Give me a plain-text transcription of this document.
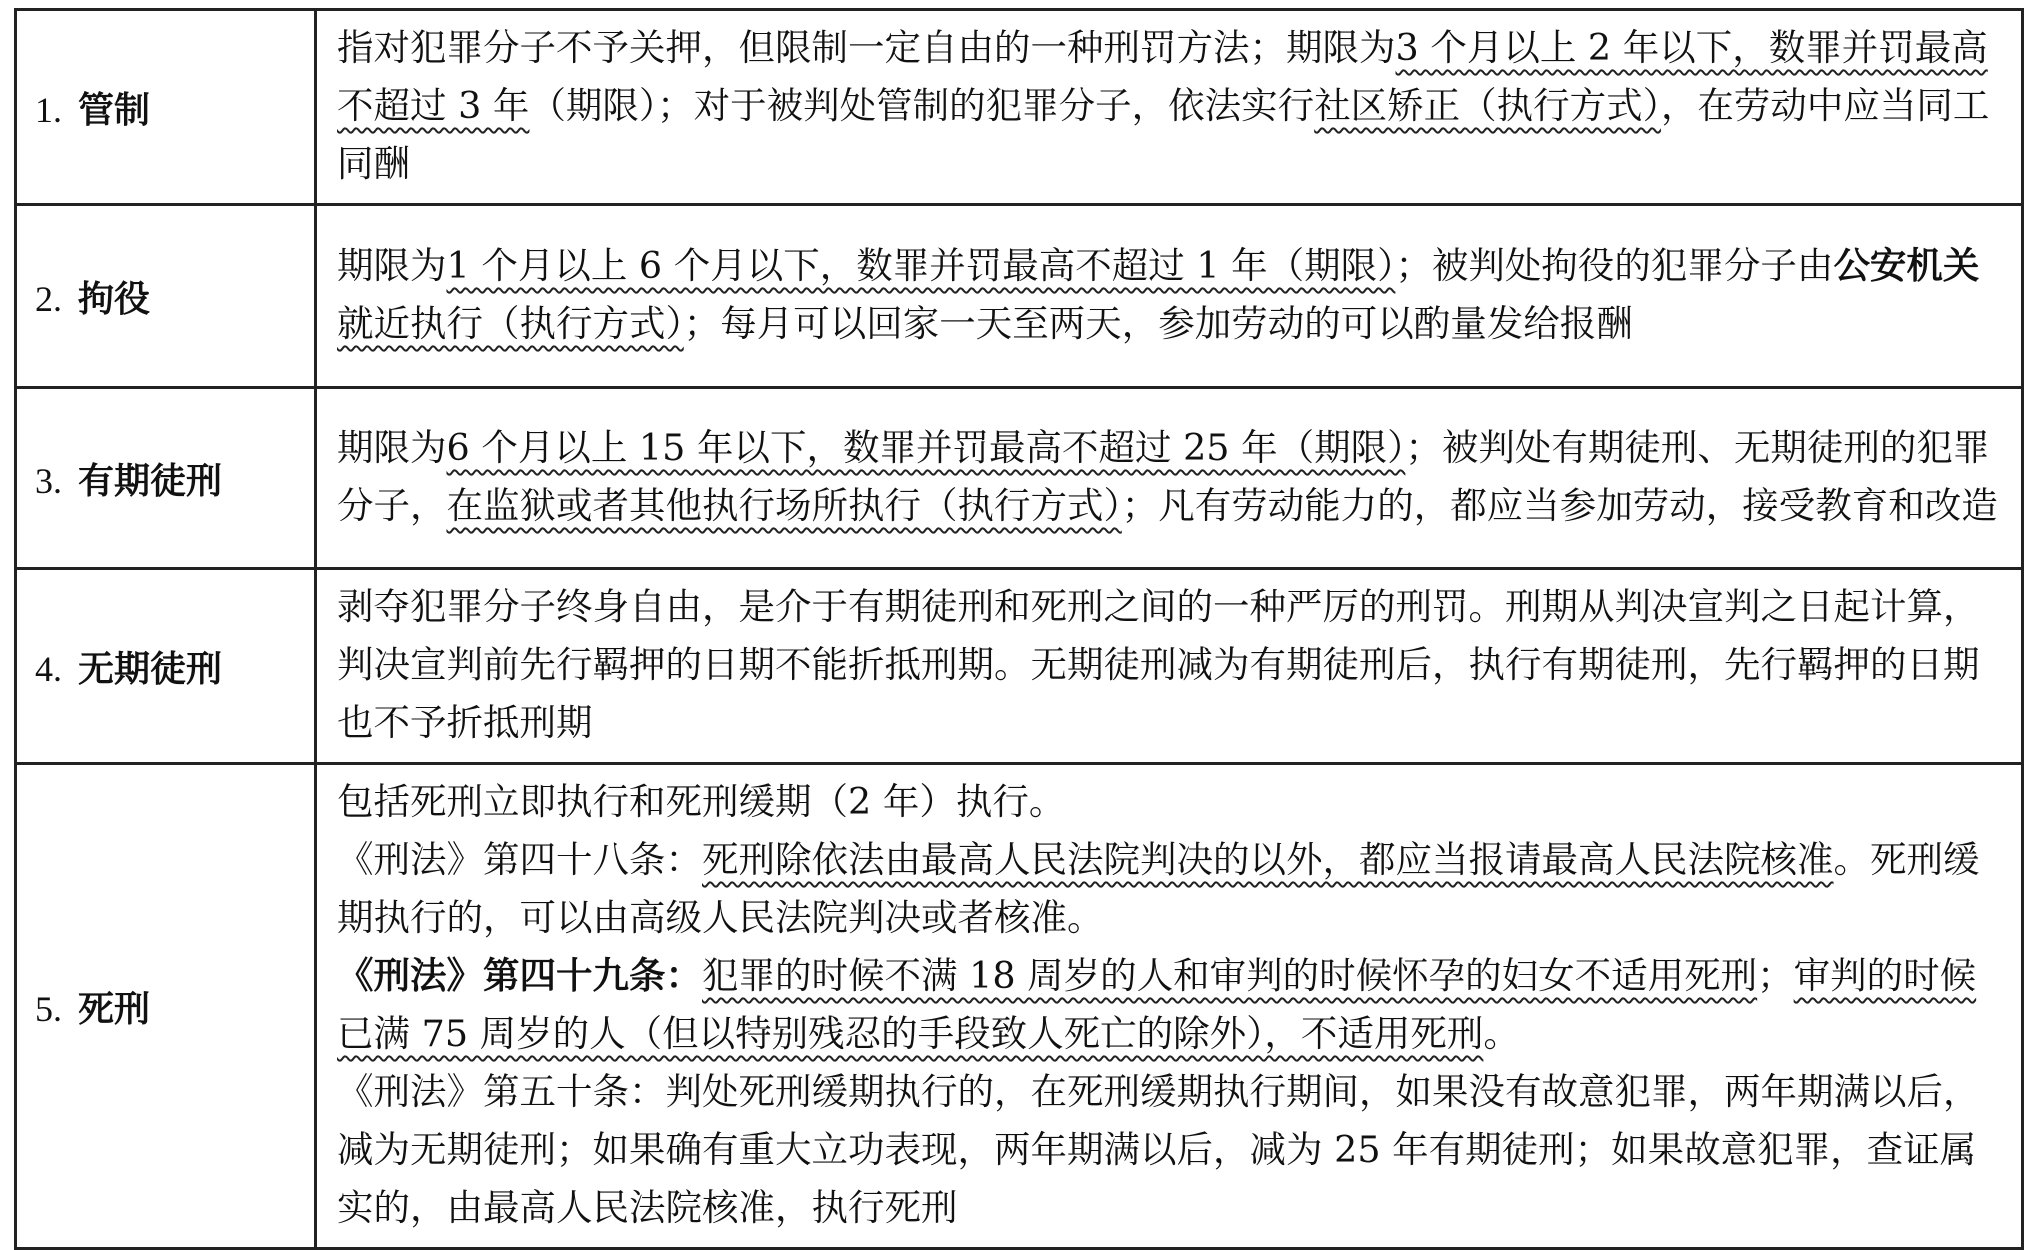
1. 管制	指对犯罪分子不予关押，但限制一定自由的一种刑罚方法；期限为3 个月以上 2 年以下，数罪并罚最高不超过 3 年（期限）；对于被判处管制的犯罪分子，依法实行社区矫正（执行方式），在劳动中应当同工同酬

2. 拘役	期限为1 个月以上 6 个月以下，数罪并罚最高不超过 1 年（期限）；被判处拘役的犯罪分子由公安机关就近执行（执行方式）；每月可以回家一天至两天，参加劳动的可以酌量发给报酬

3. 有期徒刑	期限为6 个月以上 15 年以下，数罪并罚最高不超过 25 年（期限）；被判处有期徒刑、无期徒刑的犯罪分子，在监狱或者其他执行场所执行（执行方式）；凡有劳动能力的，都应当参加劳动，接受教育和改造

4. 无期徒刑	剥夺犯罪分子终身自由，是介于有期徒刑和死刑之间的一种严厉的刑罚。刑期从判决宣判之日起计算，判决宣判前先行羁押的日期不能折抵刑期。无期徒刑减为有期徒刑后，执行有期徒刑，先行羁押的日期也不予折抵刑期

5. 死刑	包括死刑立即执行和死刑缓期（2 年）执行。

《刑法》第四十八条：死刑除依法由最高人民法院判决的以外，都应当报请最高人民法院核准。死刑缓期执行的，可以由高级人民法院判决或者核准。

《刑法》第四十九条：犯罪的时候不满 18 周岁的人和审判的时候怀孕的妇女不适用死刑；审判的时候已满 75 周岁的人（但以特别残忍的手段致人死亡的除外），不适用死刑。

《刑法》第五十条：判处死刑缓期执行的，在死刑缓期执行期间，如果没有故意犯罪，两年期满以后，减为无期徒刑；如果确有重大立功表现，两年期满以后，减为 25 年有期徒刑；如果故意犯罪，查证属实的，由最高人民法院核准，执行死刑
